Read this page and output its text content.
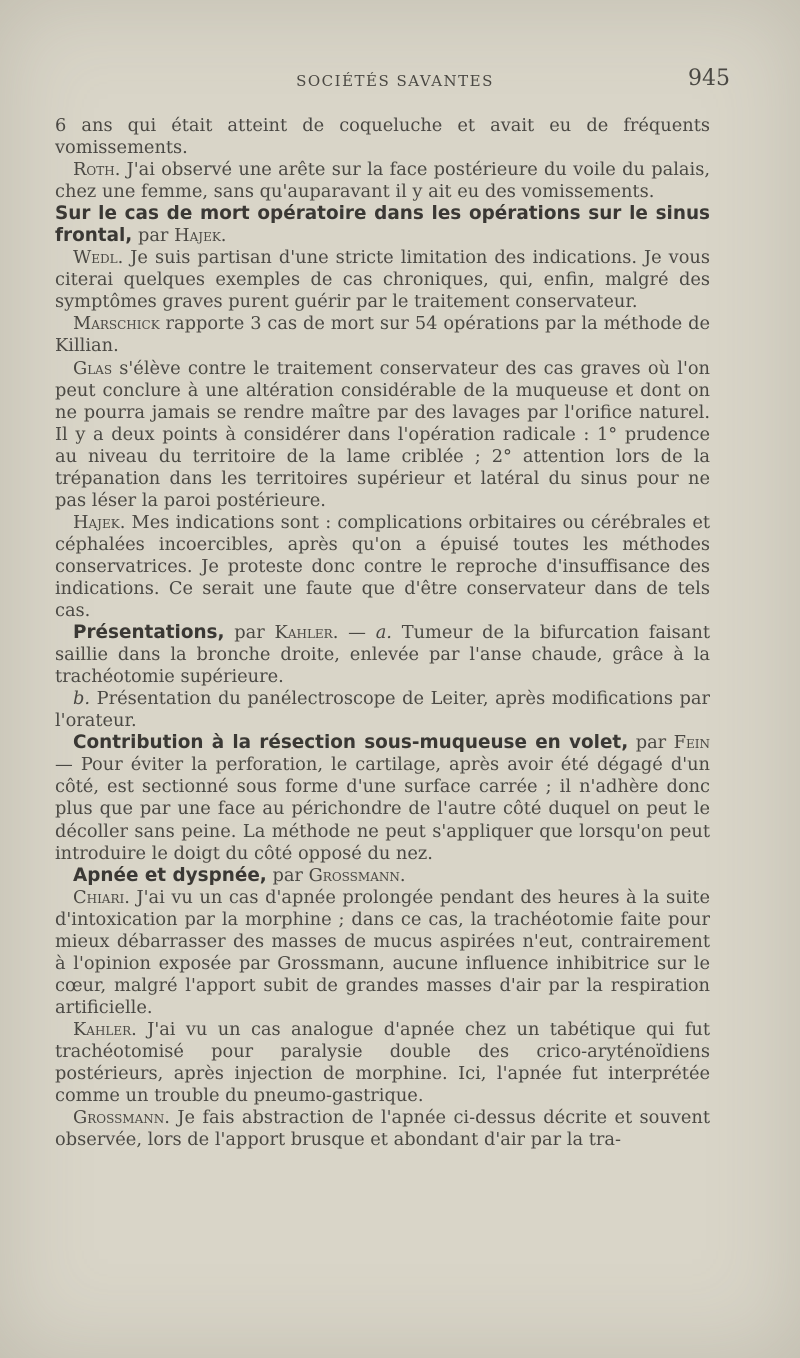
SOCIÉTÉS SAVANTES	945

6 ans qui était atteint de coqueluche et avait eu de fréquents vomissements.

Roth. J'ai observé une arête sur la face postérieure du voile du palais, chez une femme, sans qu'auparavant il y ait eu des vomissements.

Sur le cas de mort opératoire dans les opérations sur le sinus frontal, par Hajek.

Wedl. Je suis partisan d'une stricte limitation des indications. Je vous citerai quelques exemples de cas chroniques, qui, enfin, malgré des symptômes graves purent guérir par le traitement conservateur.

Marschick rapporte 3 cas de mort sur 54 opérations par la méthode de Killian.

Glas s'élève contre le traitement conservateur des cas graves où l'on peut conclure à une altération considérable de la muqueuse et dont on ne pourra jamais se rendre maître par des lavages par l'orifice naturel. Il y a deux points à considérer dans l'opération radicale : 1° prudence au niveau du territoire de la lame criblée ; 2° attention lors de la trépanation dans les territoires supérieur et latéral du sinus pour ne pas léser la paroi postérieure.

Hajek. Mes indications sont : complications orbitaires ou cérébrales et céphalées incoercibles, après qu'on a épuisé toutes les méthodes conservatrices. Je proteste donc contre le reproche d'insuffisance des indications. Ce serait une faute que d'être conservateur dans de tels cas.

Présentations, par Kahler. — a. Tumeur de la bifurcation faisant saillie dans la bronche droite, enlevée par l'anse chaude, grâce à la trachéotomie supérieure.

b. Présentation du panélectroscope de Leiter, après modifications par l'orateur.

Contribution à la résection sous-muqueuse en volet, par Fein — Pour éviter la perforation, le cartilage, après avoir été dégagé d'un côté, est sectionné sous forme d'une surface carrée ; il n'adhère donc plus que par une face au périchondre de l'autre côté duquel on peut le décoller sans peine. La méthode ne peut s'appliquer que lorsqu'on peut introduire le doigt du côté opposé du nez.

Apnée et dyspnée, par Grossmann.

Chiari. J'ai vu un cas d'apnée prolongée pendant des heures à la suite d'intoxication par la morphine ; dans ce cas, la trachéotomie faite pour mieux débarrasser des masses de mucus aspirées n'eut, contrairement à l'opinion exposée par Grossmann, aucune influence inhibitrice sur le cœur, malgré l'apport subit de grandes masses d'air par la respiration artificielle.

Kahler. J'ai vu un cas analogue d'apnée chez un tabétique qui fut trachéotomisé pour paralysie double des crico-aryténoïdiens postérieurs, après injection de morphine. Ici, l'apnée fut interprétée comme un trouble du pneumo-gastrique.

Grossmann. Je fais abstraction de l'apnée ci-dessus décrite et souvent observée, lors de l'apport brusque et abondant d'air par la tra-
